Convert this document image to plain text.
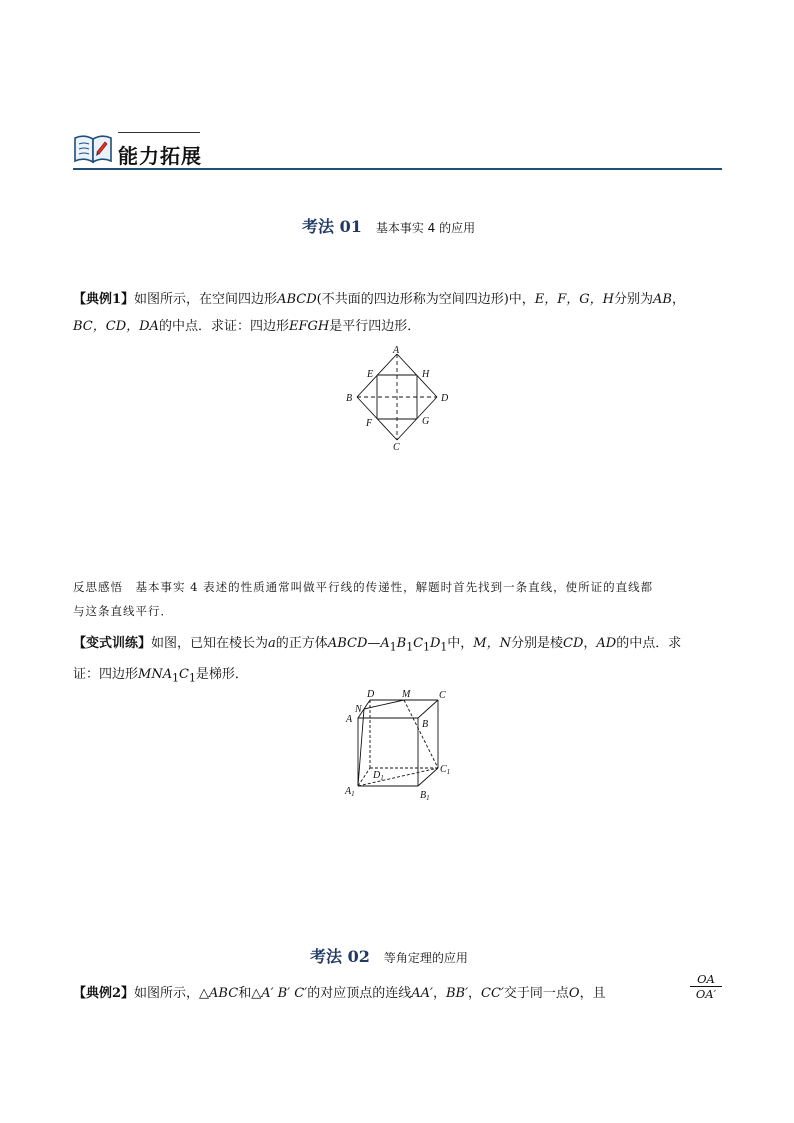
能力拓展
考法 01 基本事实 4 的应用
【典例1】如图所示，在空间四边形ABCD(不共面的四边形称为空间四边形)中，E，F，G，H分别为AB，
BC，CD，DA的中点．求证：四边形EFGH是平行四边形．
A
B
C
D
E
F	G
H
反思感悟　基本事实 4 表述的性质通常叫做平行线的传递性，解题时首先找到一条直线，使所证的直线都
与这条直线平行．
【变式训练】如图，已知在棱长为a的正方体$ABCD—A_1B_1C_1D_1$中，M，N分别是棱CD，AD的中点．求
证：四边形$MNA_1C_1$是梯形．
D	M	C
N
A	B
$D_1$
$C_1$
$A_1$	$B_1$
考法 02 等角定理的应用
【典例2】如图所示，△ABC和△A′ B′ C′的对应顶点的连线AA′，BB′，CC′交于同一点O，且	$\frac{OA}{OA'}$
